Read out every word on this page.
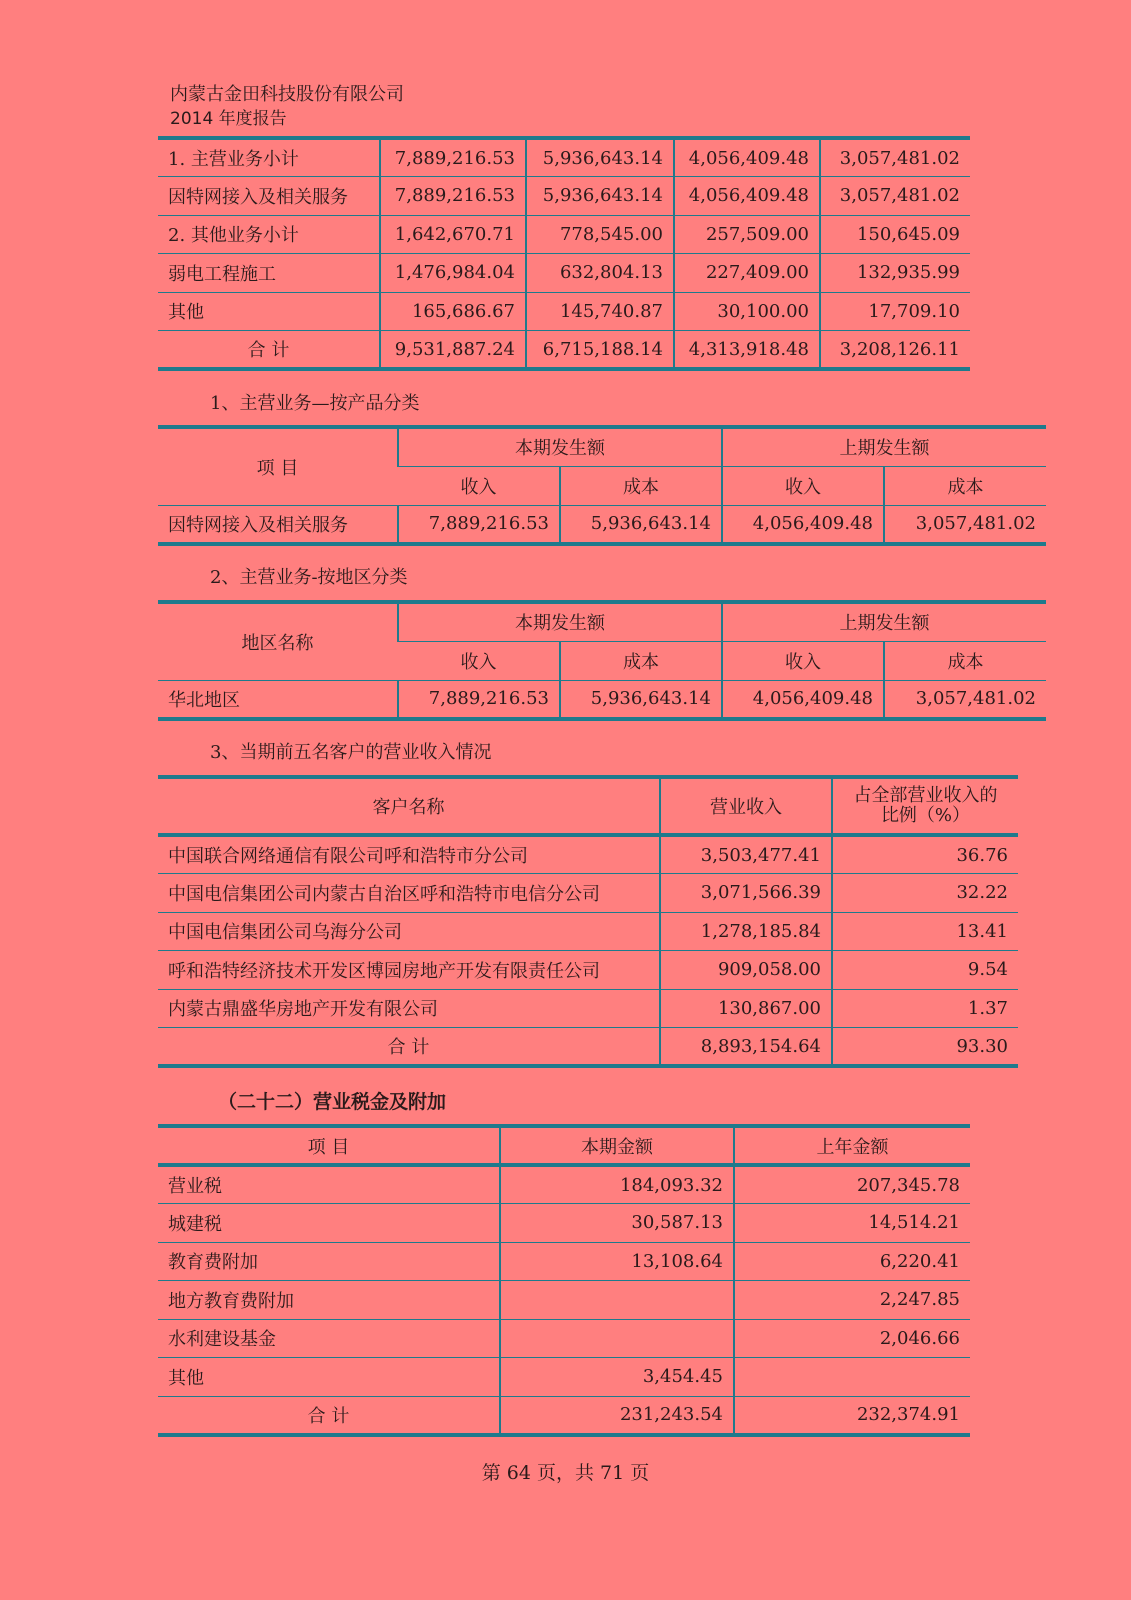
内蒙古金田科技股份有限公司
2014 年度报告
1. 主营业务小计	7,889,216.53	5,936,643.14	4,056,409.48	3,057,481.02
因特网接入及相关服务	7,889,216.53	5,936,643.14	4,056,409.48	3,057,481.02
2. 其他业务小计	1,642,670.71	778,545.00	257,509.00	150,645.09
弱电工程施工	1,476,984.04	632,804.13	227,409.00	132,935.99
其他	165,686.67	145,740.87	30,100.00	17,709.10
合 计	9,531,887.24	6,715,188.14	4,313,918.48	3,208,126.11
1、主营业务—按产品分类
项 目	本期发生额		上期发生额	
	收入	成本	收入	成本
因特网接入及相关服务	7,889,216.53	5,936,643.14	4,056,409.48	3,057,481.02
2、主营业务-按地区分类
地区名称	本期发生额		上期发生额	
	收入	成本	收入	成本
华北地区	7,889,216.53	5,936,643.14	4,056,409.48	3,057,481.02
3、当期前五名客户的营业收入情况
客户名称	营业收入	占全部营业收入的
比例（%）
中国联合网络通信有限公司呼和浩特市分公司	3,503,477.41	36.76
中国电信集团公司内蒙古自治区呼和浩特市电信分公司	3,071,566.39	32.22
中国电信集团公司乌海分公司	1,278,185.84	13.41
呼和浩特经济技术开发区博园房地产开发有限责任公司	909,058.00	9.54
内蒙古鼎盛华房地产开发有限公司	130,867.00	1.37
合 计	8,893,154.64	93.30
（二十二）营业税金及附加
项 目	本期金额	上年金额
营业税	184,093.32	207,345.78
城建税	30,587.13	14,514.21
教育费附加	13,108.64	6,220.41
地方教育费附加		2,247.85
水利建设基金		2,046.66
其他	3,454.45	
合 计	231,243.54	232,374.91
第 64 页，共 71 页
